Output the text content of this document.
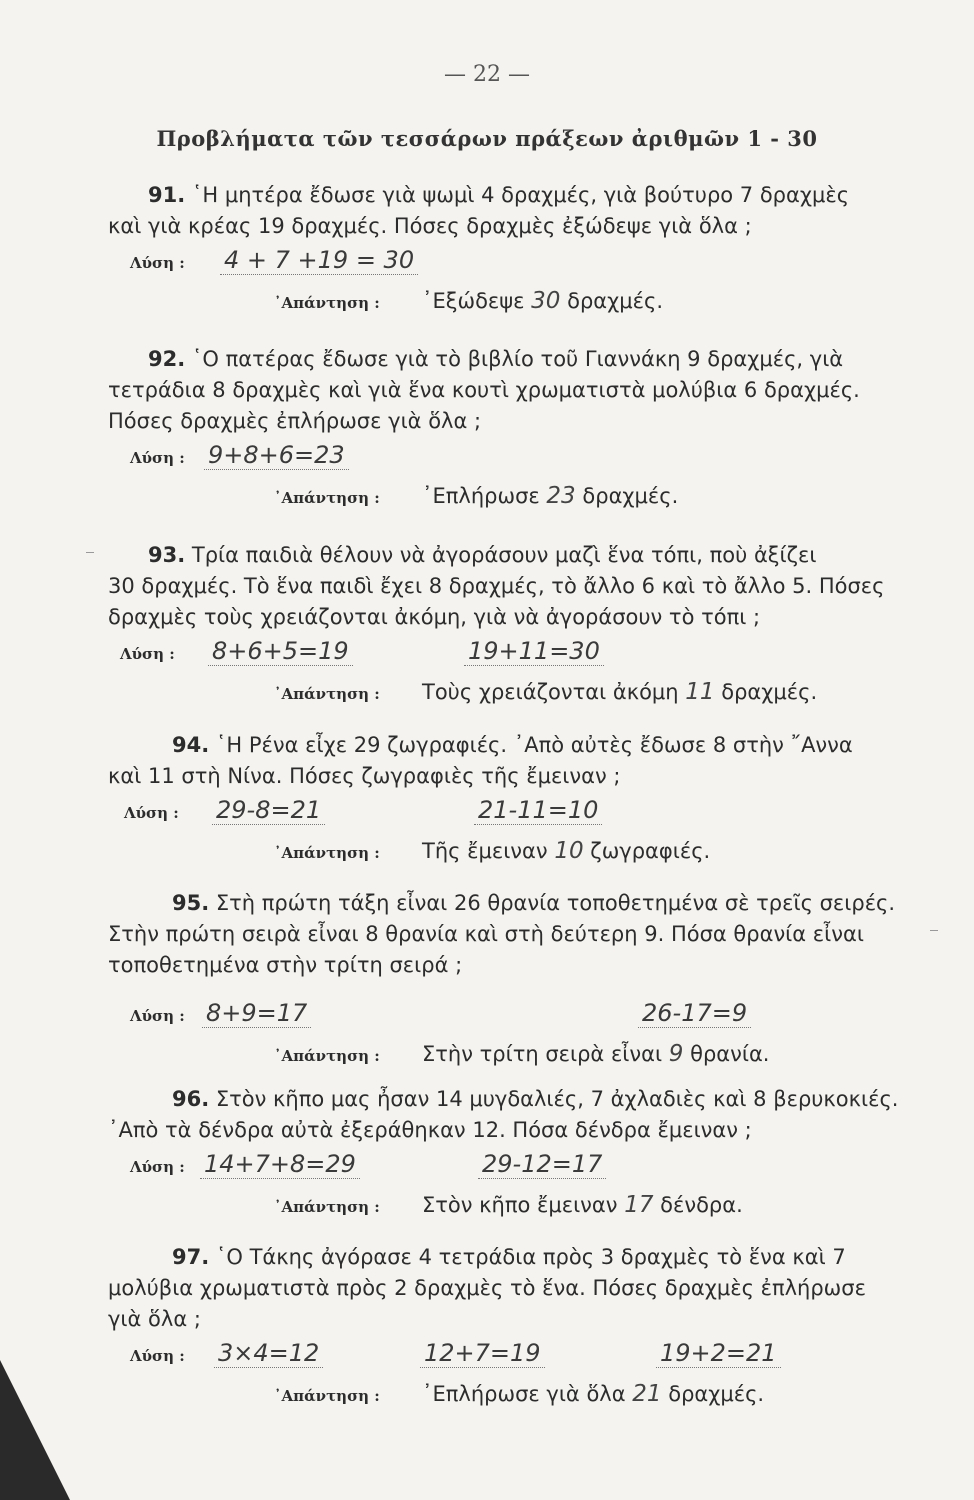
— 22 —
Προβλήματα τῶν τεσσάρων πράξεων ἀριθμῶν 1 - 30

91. ῾Η μητέρα ἔδωσε γιὰ ψωμὶ 4 δραχμές, γιὰ βούτυρο 7 δραχμὲς

καὶ γιὰ κρέας 19 δραχμές. Πόσες δραχμὲς ἐξώδεψε γιὰ ὅλα ;

Λύση : 4 + 7 +19 = 30
᾿Απάντηση : ᾿Εξώδεψε 30 δραχμές.

92. ῾Ο πατέρας ἔδωσε γιὰ τὸ βιβλίο τοῦ Γιαννάκη 9 δραχμές, γιὰ

τετράδια 8 δραχμὲς καὶ γιὰ ἕνα κουτὶ χρωματιστὰ μολύβια 6 δραχμές.

Πόσες δραχμὲς ἐπλήρωσε γιὰ ὅλα ;

Λύση : 9+8+6=23
᾿Απάντηση : ᾿Επλήρωσε 23 δραχμές.

93. Τρία παιδιὰ θέλουν νὰ ἀγοράσουν μαζὶ ἕνα τόπι, ποὺ ἀξίζει

30 δραχμές. Τὸ ἕνα παιδὶ ἔχει 8 δραχμές, τὸ ἄλλο 6 καὶ τὸ ἄλλο 5. Πόσες

δραχμὲς τοὺς χρειάζονται ἀκόμη, γιὰ νὰ ἀγοράσουν τὸ τόπι ;

Λύση : 8+6+5=19	19+11=30
᾿Απάντηση : Τοὺς χρειάζονται ἀκόμη 11 δραχμές.

94. ῾Η Ρένα εἶχε 29 ζωγραφιές. ᾿Απὸ αὐτὲς ἔδωσε 8 στὴν ῎Αννα

καὶ 11 στὴ Νίνα. Πόσες ζωγραφιὲς τῆς ἔμειναν ;

Λύση : 29-8=21	21-11=10
᾿Απάντηση : Τῆς ἔμειναν 10 ζωγραφιές.

95. Στὴ πρώτη τάξη εἶναι 26 θρανία τοποθετημένα σὲ τρεῖς σειρές.

Στὴν πρώτη σειρὰ εἶναι 8 θρανία καὶ στὴ δεύτερη 9. Πόσα θρανία εἶναι

τοποθετημένα στὴν τρίτη σειρά ;

Λύση : 8+9=17	26-17=9
᾿Απάντηση : Στὴν τρίτη σειρὰ εἶναι 9 θρανία.

96. Στὸν κῆπο μας ἦσαν 14 μυγδαλιές, 7 ἀχλαδιὲς καὶ 8 βερυκοκιές.

᾿Απὸ τὰ δένδρα αὐτὰ ἐξεράθηκαν 12. Πόσα δένδρα ἔμειναν ;

Λύση : 14+7+8=29	29-12=17
᾿Απάντηση : Στὸν κῆπο ἔμειναν 17 δένδρα.

97. ῾Ο Τάκης ἀγόρασε 4 τετράδια πρὸς 3 δραχμὲς τὸ ἕνα καὶ 7

μολύβια χρωματιστὰ πρὸς 2 δραχμὲς τὸ ἕνα. Πόσες δραχμὲς ἐπλήρωσε

γιὰ ὅλα ;

Λύση : 3×4=12	12+7=19	19+2=21
᾿Απάντηση : ᾿Επλήρωσε γιὰ ὅλα 21 δραχμές.
